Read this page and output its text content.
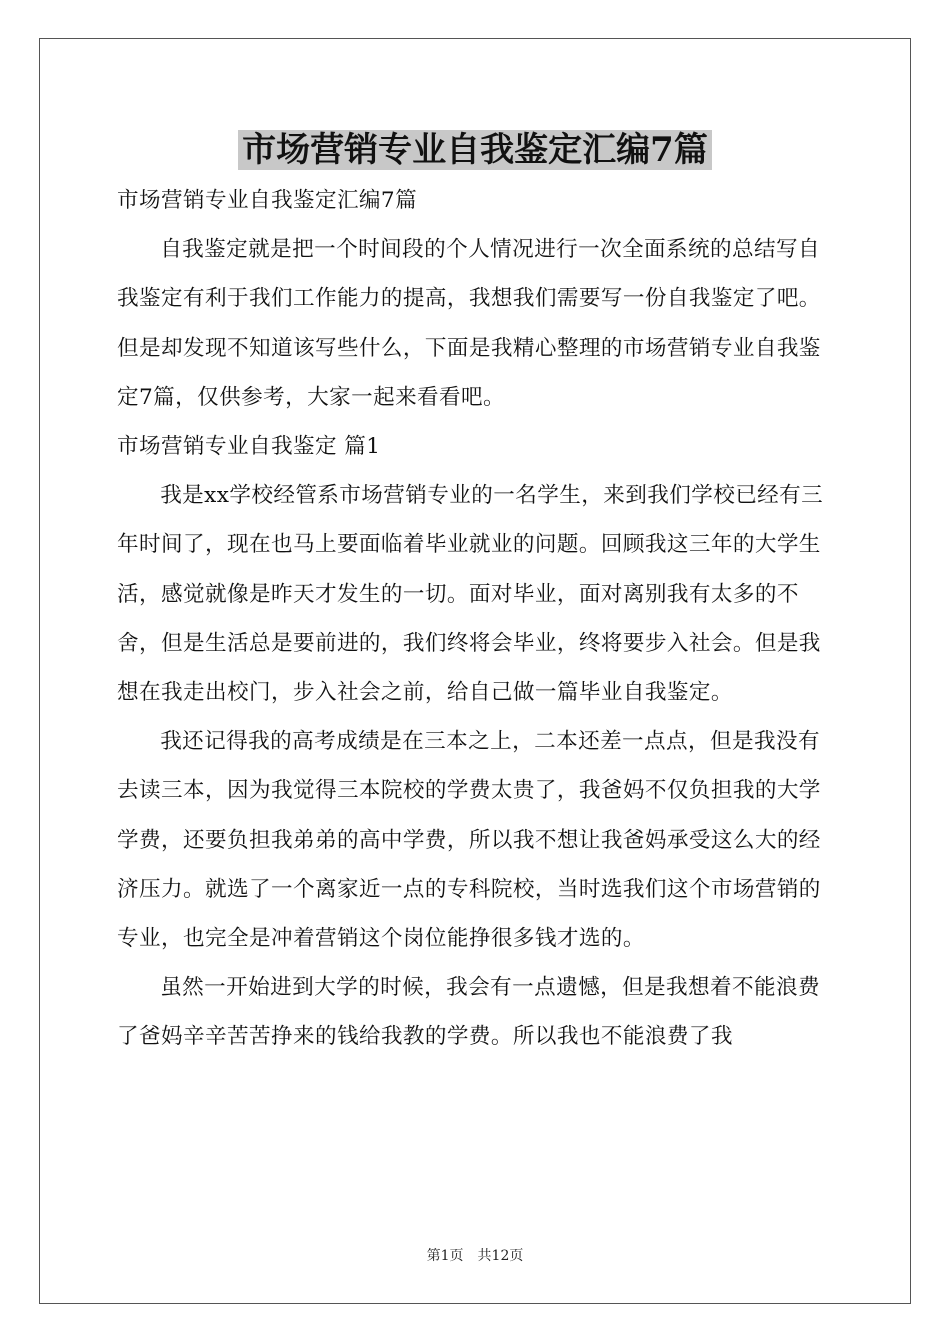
市场营销专业自我鉴定汇编7篇

市场营销专业自我鉴定汇编7篇

自我鉴定就是把一个时间段的个人情况进行一次全面系统的总结写自我鉴定有利于我们工作能力的提高，我想我们需要写一份自我鉴定了吧。但是却发现不知道该写些什么，下面是我精心整理的市场营销专业自我鉴定7篇，仅供参考，大家一起来看看吧。

市场营销专业自我鉴定 篇1

我是xx学校经管系市场营销专业的一名学生，来到我们学校已经有三年时间了，现在也马上要面临着毕业就业的问题。回顾我这三年的大学生活，感觉就像是昨天才发生的一切。面对毕业，面对离别我有太多的不舍，但是生活总是要前进的，我们终将会毕业，终将要步入社会。但是我想在我走出校门，步入社会之前，给自己做一篇毕业自我鉴定。

我还记得我的高考成绩是在三本之上，二本还差一点点，但是我没有去读三本，因为我觉得三本院校的学费太贵了，我爸妈不仅负担我的大学学费，还要负担我弟弟的高中学费，所以我不想让我爸妈承受这么大的经济压力。就选了一个离家近一点的专科院校，当时选我们这个市场营销的专业，也完全是冲着营销这个岗位能挣很多钱才选的。

虽然一开始进到大学的时候，我会有一点遗憾，但是我想着不能浪费了爸妈辛辛苦苦挣来的钱给我教的学费。所以我也不能浪费了我

第1页 共12页
